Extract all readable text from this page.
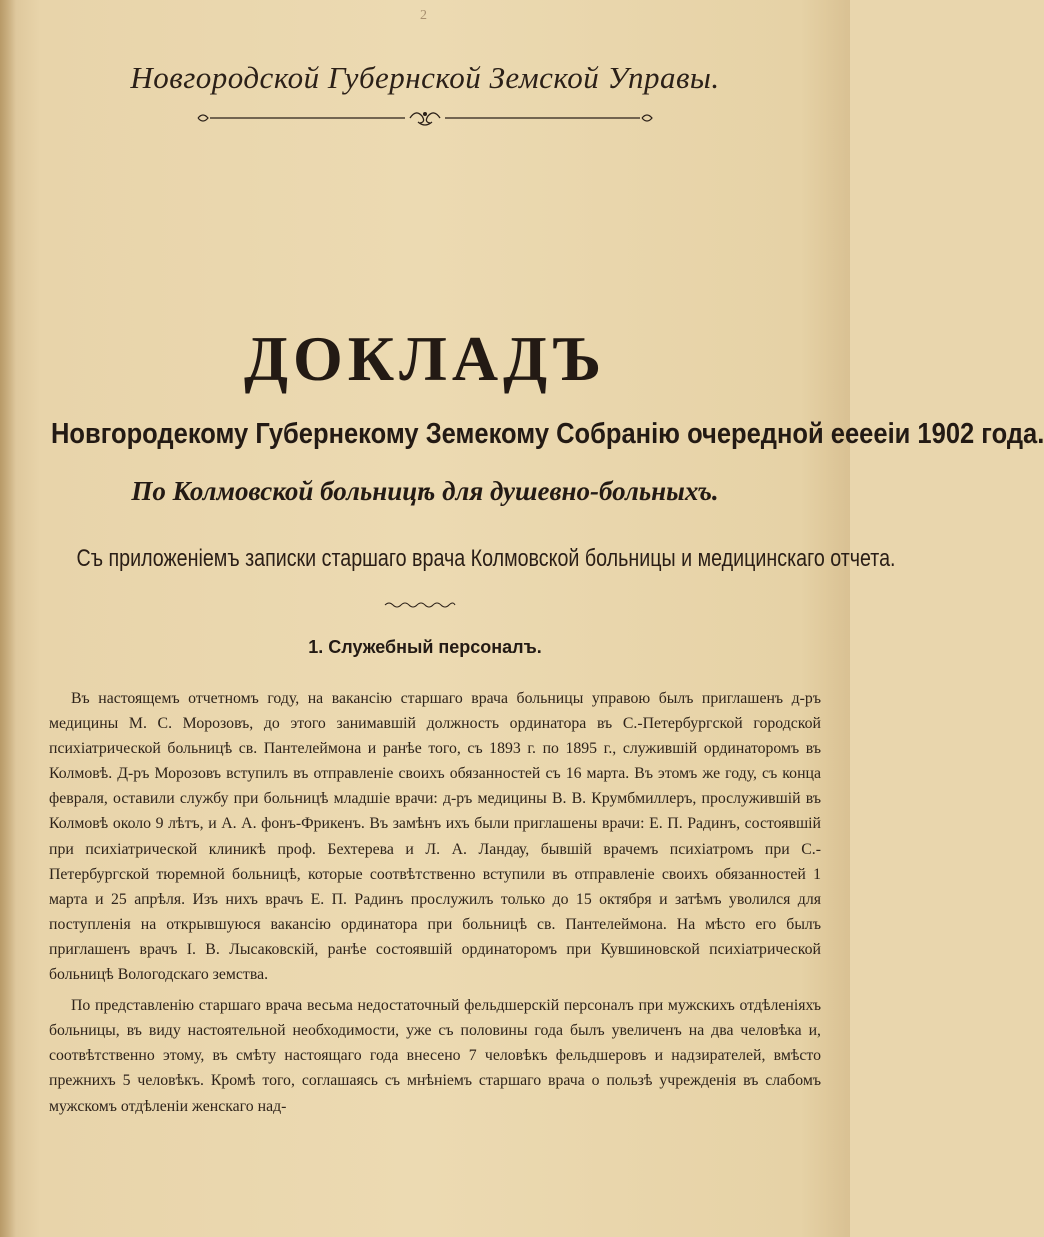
2
Новгородской Губернской Земской Управы.
ДОКЛАДЪ
Новгородекому Губернекому Земекому Собранію очередной еееeіи 1902 года.
По Колмовской больницѣ для душевно-больныхъ.
Съ приложеніемъ записки старшаго врача Колмовской больницы и медицинскаго отчета.
1. Служебный персоналъ.

Въ настоящемъ отчетномъ году, на вакансію старшаго врача больницы управою былъ приглашенъ д-ръ медицины М. С. Морозовъ, до этого занимавшій должность ординатора въ С.-Петербургской городской психіатрической больницѣ св. Пантелеймона и ранѣе того, съ 1893 г. по 1895 г., служившій ординаторомъ въ Колмовѣ. Д-ръ Морозовъ вступилъ въ отправленіе своихъ обязанностей съ 16 марта. Въ этомъ же году, съ конца февраля, оставили службу при больницѣ младшіе врачи: д-ръ медицины В. В. Крумбмиллеръ, прослужившій въ Колмовѣ около 9 лѣтъ, и А. А. фонъ-Фрикенъ. Въ замѣнъ ихъ были приглашены врачи: Е. П. Радинъ, состоявшій при психіатрической клиникѣ проф. Бехтерева и Л. А. Ландау, бывшій врачемъ психіатромъ при С.-Петербургской тюремной больницѣ, которые соотвѣтственно вступили въ отправленіе своихъ обязанностей 1 марта и 25 апрѣля. Изъ нихъ врачъ Е. П. Радинъ прослужилъ только до 15 октября и затѣмъ уволился для поступленія на открывшуюся вакансію ординатора при больницѣ св. Пантелеймона. На мѣсто его былъ приглашенъ врачъ І. В. Лысаковскій, ранѣе состоявшій ординаторомъ при Кувшиновской психіатрической больницѣ Вологодскаго земства.

По представленію старшаго врача весьма недостаточный фельдшерскій персоналъ при мужскихъ отдѣленіяхъ больницы, въ виду настоятельной необходимости, уже съ половины года былъ увеличенъ на два человѣка и, соотвѣтственно этому, въ смѣту настоящаго года внесено 7 человѣкъ фельдшеровъ и надзирателей, вмѣсто прежнихъ 5 человѣкъ. Кромѣ того, соглашаясь съ мнѣніемъ старшаго врача о пользѣ учрежденія въ слабомъ мужскомъ отдѣленіи женскаго над-
